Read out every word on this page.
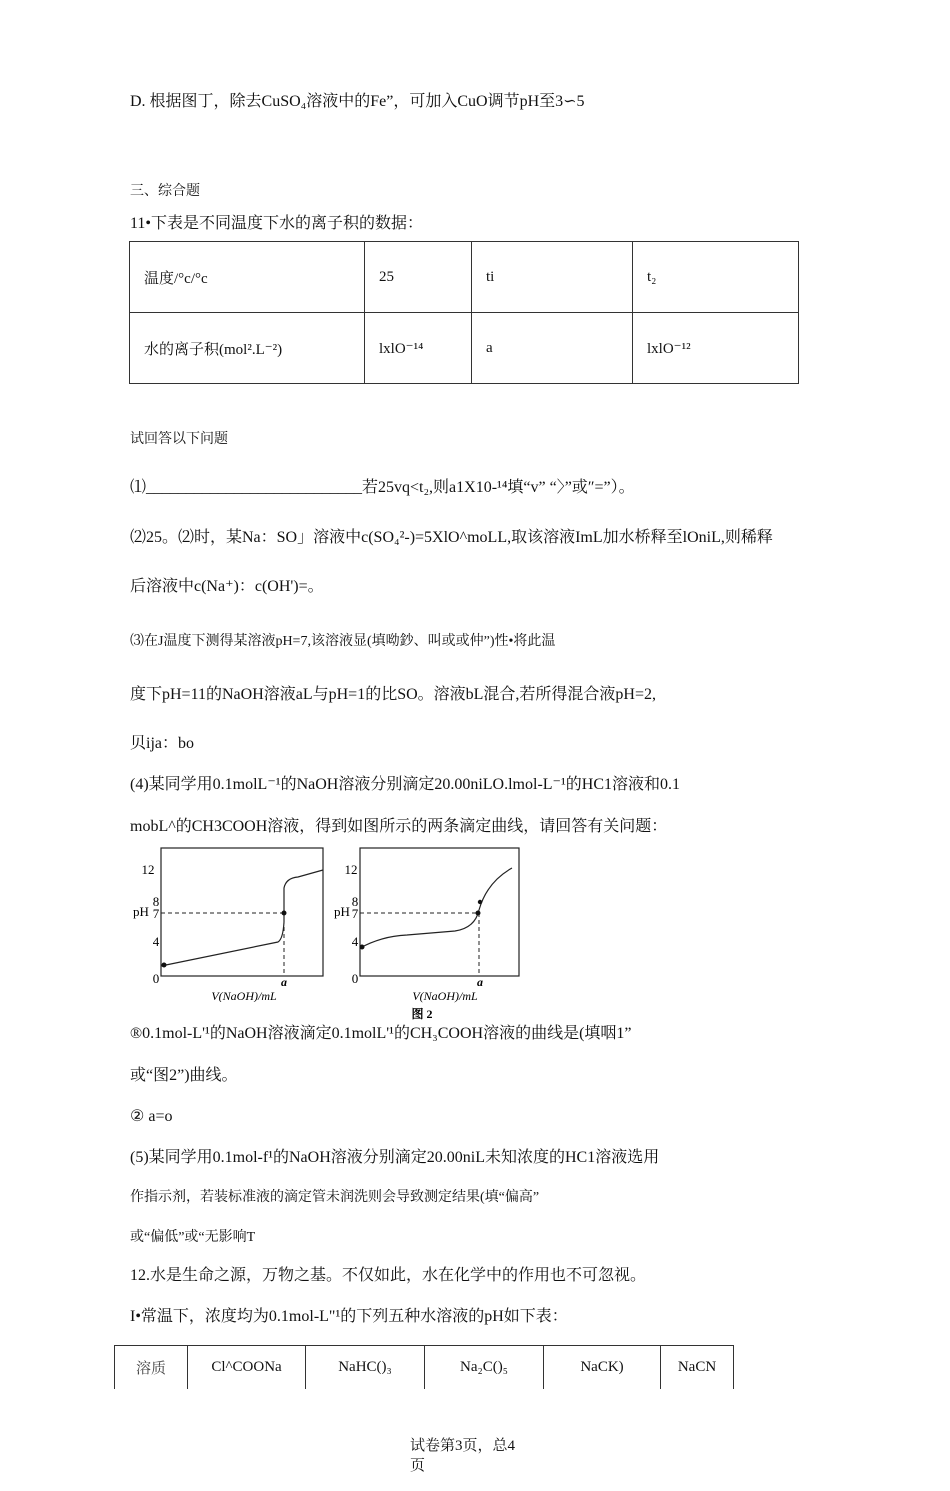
D. 根据图丁，除去CuSO₄溶液中的Fe”，可加入CuO调节pH至3∽5
三、综合题
11•下表是不同温度下水的离子积的数据：
温度/°c/°c	25	ti	t₂
水的离子积(mol².L⁻²)	lxlO⁻¹⁴	a	lxlO⁻¹²
试回答以下问题
⑴___________________________若25vq<t₂,则a1X10-¹⁴填“v” “〉”或″=”）。
⑵25。⑵时，某Na：SO」溶液中c(SO₄²-)=5XlO^moLL,取该溶液ImL加水桥释至lOniL,则稀释
后溶液中c(Na⁺)：c(OH')=。
⑶在J温度下测得某溶液pH=7,该溶液显(填呦鈔、叫或或仲”)性•将此温
度下pH=11的NaOH溶液aL与pH=1的比SO。溶液bL混合,若所得混合液pH=2,
贝ija：bo
(4)某同学用0.1molL⁻¹的NaOH溶液分别滴定20.00niLO.lmol-L⁻¹的HC1溶液和0.1
mobL^的CH3COOH溶液，得到如图所示的两条滴定曲线，请回答有关问题：
12
8
7
4
0
pH
a
V(NaOH)/mL
12
8
7
4
0
pH
a
V(NaOH)/mL
图 2
®0.1mol-L'¹的NaOH溶液滴定0.1molL'¹的CH₃COOH溶液的曲线是(填咽1”
或“图2”)曲线。
② a=o
(5)某同学用0.1mol-f¹的NaOH溶液分别滴定20.00niL未知浓度的HC1溶液选用
作指示剂，若装标准液的滴定管未润洗则会导致测定结果(填“偏高”
或“偏低”或“无影响T
12.水是生命之源，万物之基。不仅如此，水在化学中的作用也不可忽视。
I•常温下，浓度均为0.1mol-L"¹的下列五种水溶液的pH如下表：
溶质	Cl^COONa	NaHC()₃	Na₂C()₅	NaCK)	NaCN
试卷第3页，总4
页
